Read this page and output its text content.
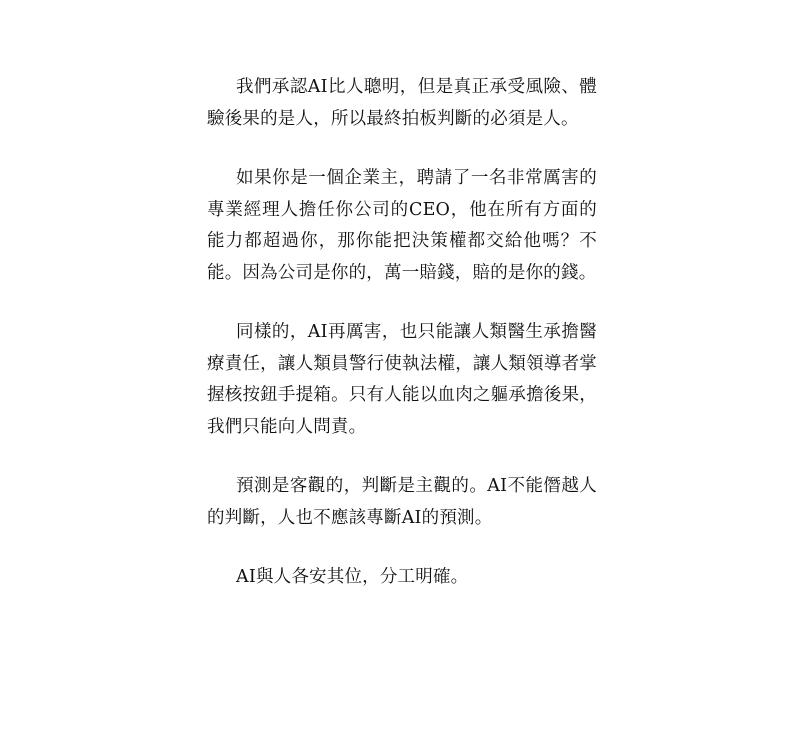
我們承認AI比人聰明，但是真正承受風險、體驗後果的是人，所以最終拍板判斷的必須是人。

如果你是一個企業主，聘請了一名非常厲害的專業經理人擔任你公司的CEO，他在所有方面的能力都超過你，那你能把決策權都交給他嗎？不能。因為公司是你的，萬一賠錢，賠的是你的錢。

同樣的，AI再厲害，也只能讓人類醫生承擔醫療責任，讓人類員警行使執法權，讓人類領導者掌握核按鈕手提箱。只有人能以血肉之軀承擔後果，我們只能向人問責。

預測是客觀的，判斷是主觀的。AI不能僭越人的判斷，人也不應該專斷AI的預測。

AI與人各安其位，分工明確。
